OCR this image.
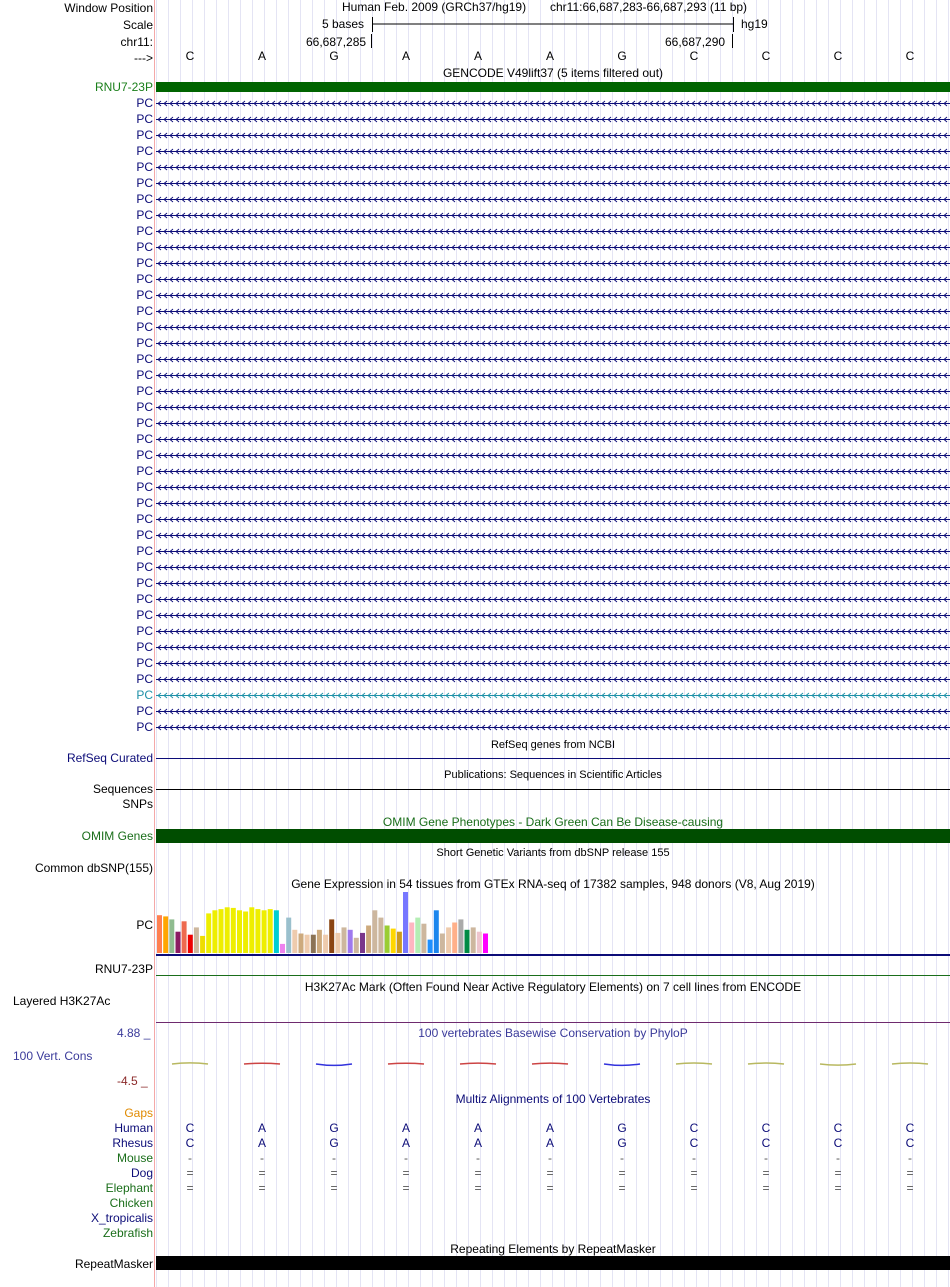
Window Position
Scale
chr11:
--->
Human Feb. 2009 (GRCh37/hg19) chr11:66,687,283-66,687,293 (11 bp)
5 bases	hg19
66,687,285	66,687,290
C	A	G	A	A	A	G	C	C	C	C
GENCODE V49lift37 (5 items filtered out)
RNU7-23P
PC
PC
PC
PC
PC
PC
PC
PC
PC
PC
PC
PC
PC
PC
PC
PC
PC
PC
PC
PC
PC
PC
PC
PC
PC
PC
PC
PC
PC
PC
PC
PC
PC
PC
PC
PC
PC
PC
PC
PC
RefSeq genes from NCBI
RefSeq Curated
Publications: Sequences in Scientific Articles
Sequences
SNPs
OMIM Gene Phenotypes - Dark Green Can Be Disease-causing
OMIM Genes
Short Genetic Variants from dbSNP release 155
Common dbSNP(155)
Gene Expression in 54 tissues from GTEx RNA-seq of 17382 samples, 948 donors (V8, Aug 2019)
PC
RNU7-23P
H3K27Ac Mark (Often Found Near Active Regulatory Elements) on 7 cell lines from ENCODE
Layered H3K27Ac
100 vertebrates Basewise Conservation by PhyloP
4.88 _
100 Vert. Cons
-4.5 _
Multiz Alignments of 100 Vertebrates
Gaps
Human	C	A	G	A	A	A	G	C	C	C	C
Rhesus	C	A	G	A	A	A	G	C	C	C	C
Mouse	-	-	-	-	-	-	-	-	-	-	-
Dog	=	=	=	=	=	=	=	=	=	=	=
Elephant	=	=	=	=	=	=	=	=	=	=	=
Chicken
X_tropicalis
Zebrafish
Repeating Elements by RepeatMasker
RepeatMasker
